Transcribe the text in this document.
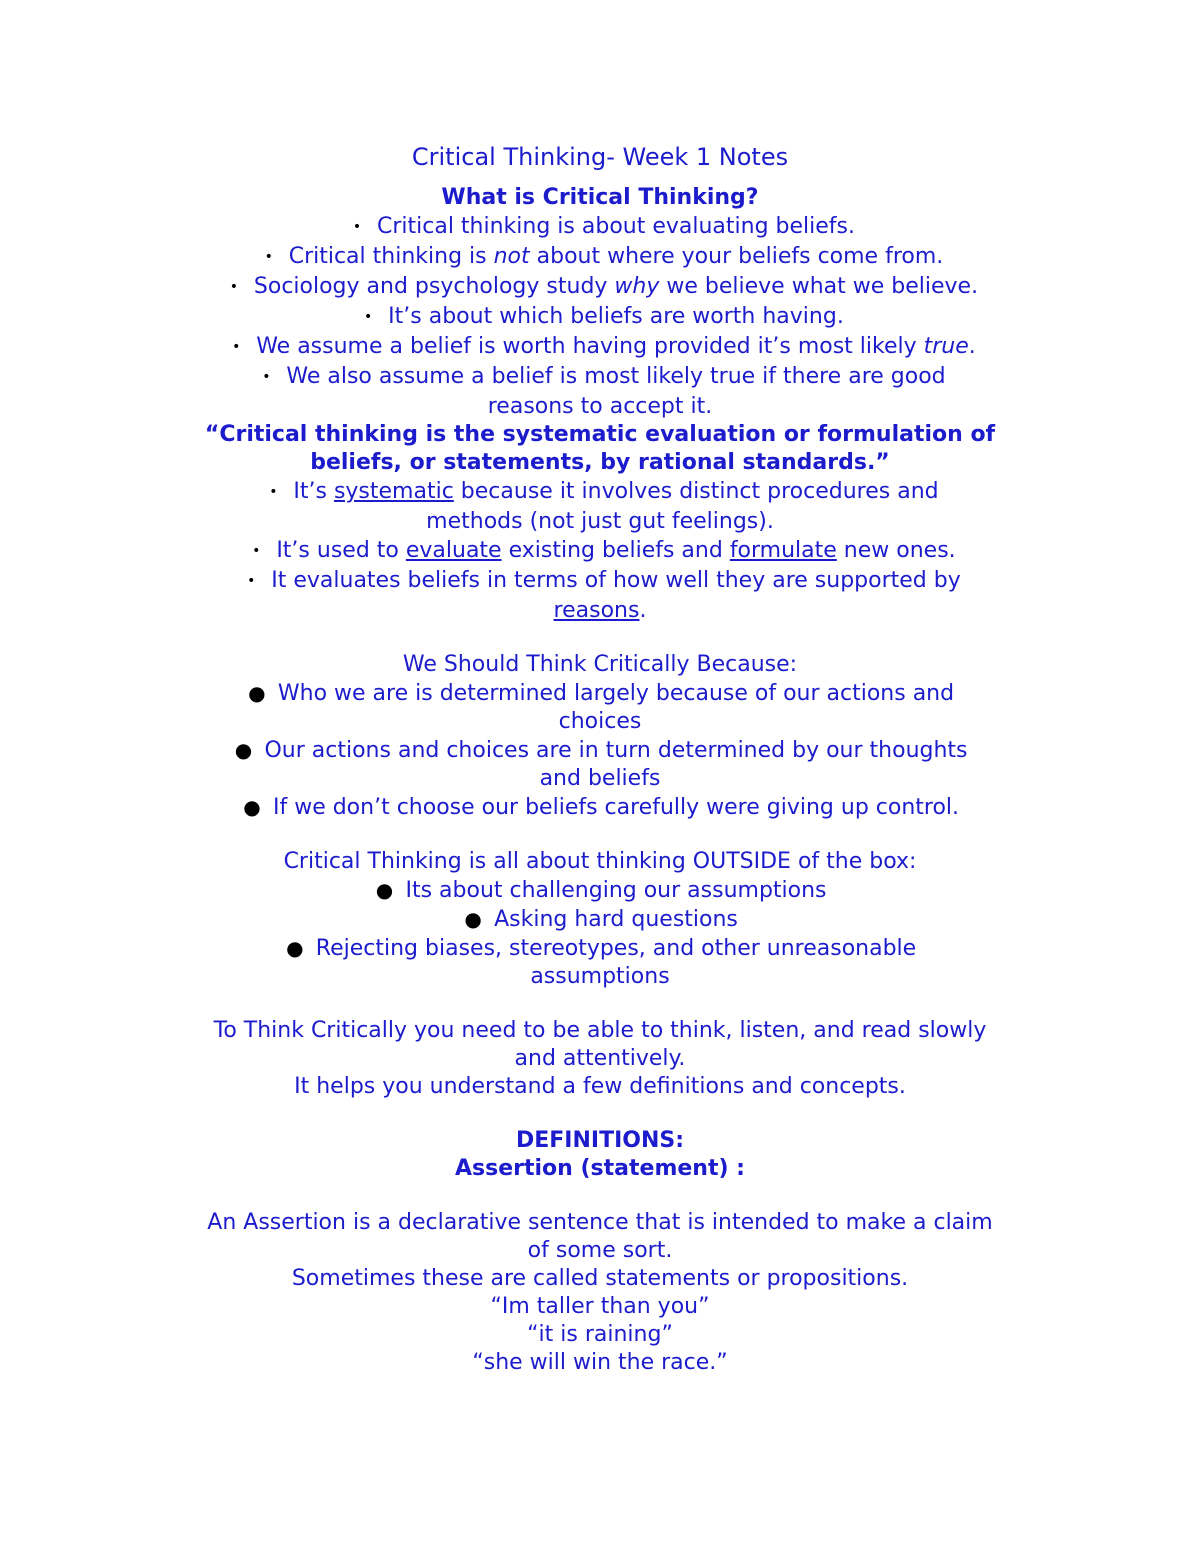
Critical Thinking- Week 1 Notes

What is Critical Thinking?

• Critical thinking is about evaluating beliefs.
• Critical thinking is not about where your beliefs come from.
• Sociology and psychology study why we believe what we believe.
• It’s about which beliefs are worth having.
• We assume a belief is worth having provided it’s most likely true.
• We also assume a belief is most likely true if there are good
reasons to accept it.

“Critical thinking is the systematic evaluation or formulation of
beliefs, or statements, by rational standards.”

• It’s systematic because it involves distinct procedures and
methods (not just gut feelings).
• It’s used to evaluate existing beliefs and formulate new ones.
• It evaluates beliefs in terms of how well they are supported by
reasons.

We Should Think Critically Because:

● Who we are is determined largely because of our actions and
choices
● Our actions and choices are in turn determined by our thoughts
and beliefs
● If we don’t choose our beliefs carefully were giving up control.

Critical Thinking is all about thinking OUTSIDE of the box:

● Its about challenging our assumptions
● Asking hard questions
● Rejecting biases, stereotypes, and other unreasonable
assumptions

To Think Critically you need to be able to think, listen, and read slowly
and attentively.
It helps you understand a few definitions and concepts.

DEFINITIONS:

Assertion (statement) :

An Assertion is a declarative sentence that is intended to make a claim
of some sort.
Sometimes these are called statements or propositions.
“Im taller than you”
“it is raining”
“she will win the race.”
